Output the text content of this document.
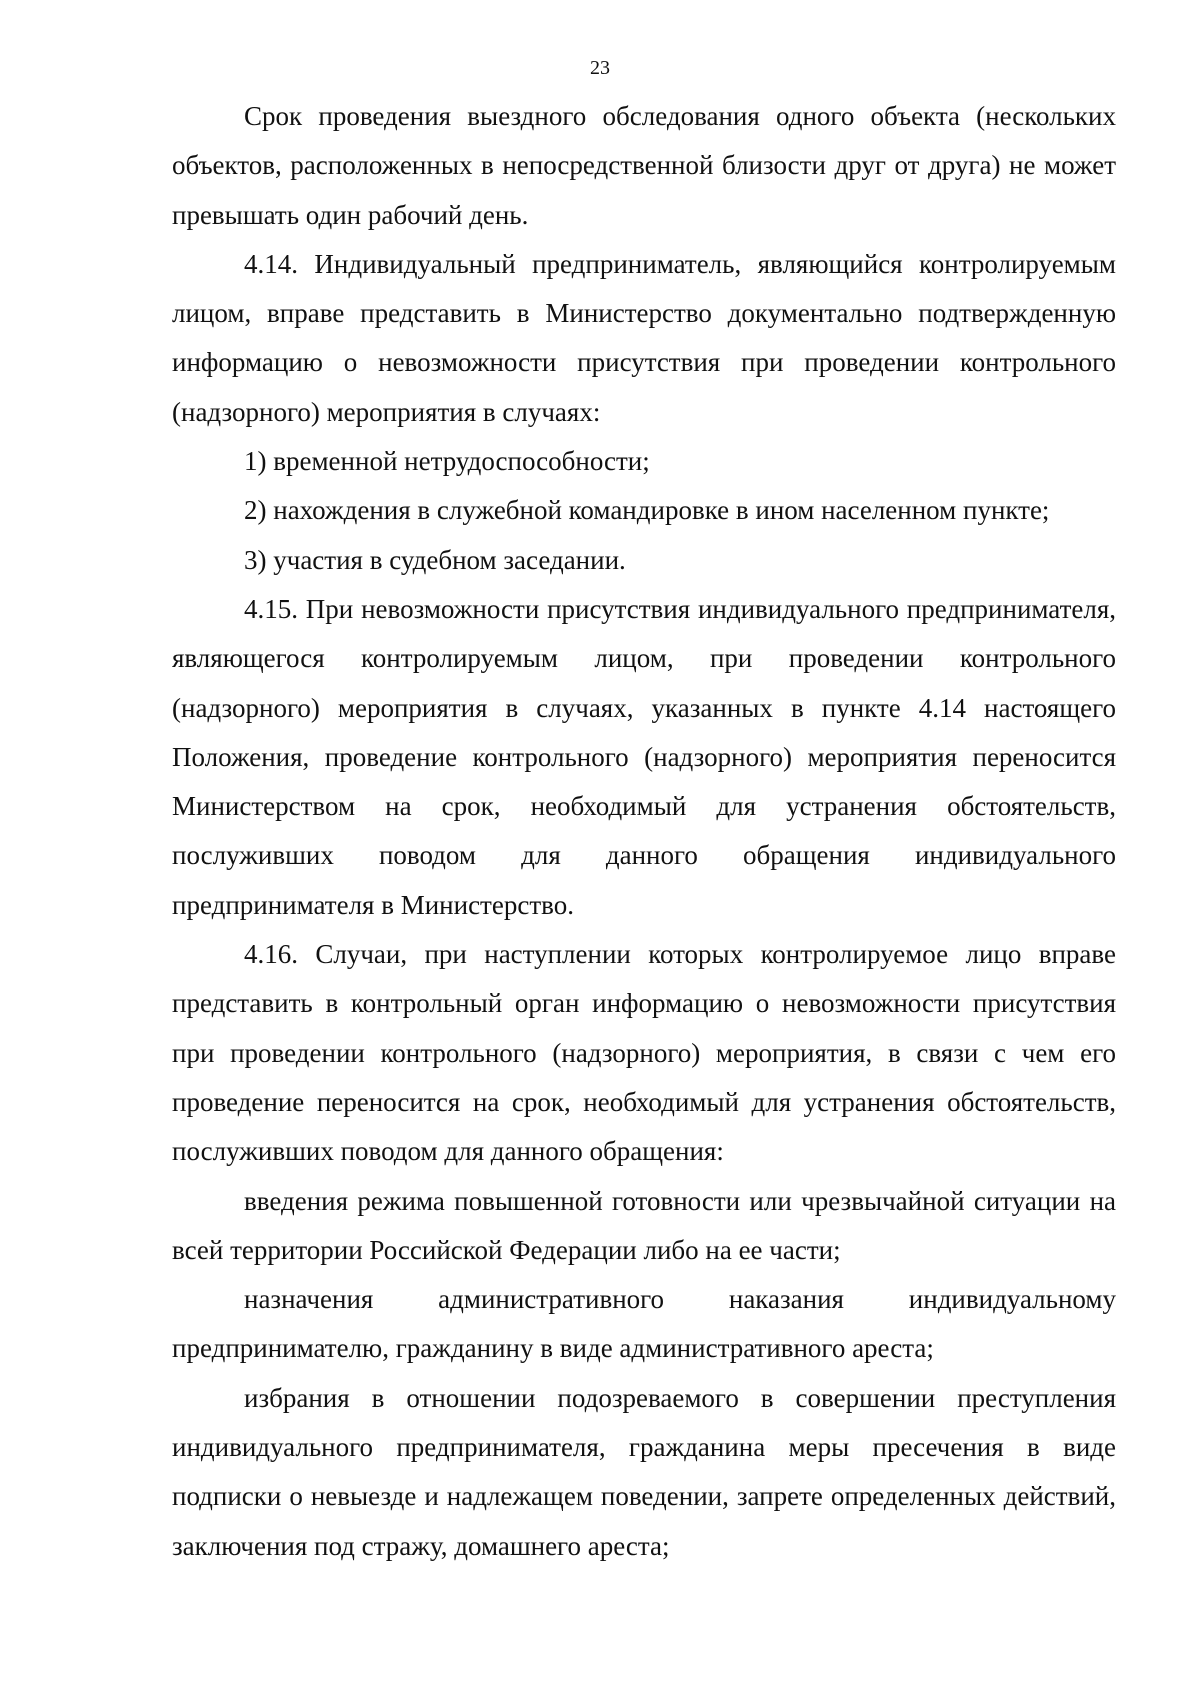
23

Срок проведения выездного обследования одного объекта (нескольких объектов, расположенных в непосредственной близости друг от друга) не может превышать один рабочий день.

4.14. Индивидуальный предприниматель, являющийся контролируемым лицом, вправе представить в Министерство документально подтвержденную информацию о невозможности присутствия при проведении контрольного (надзорного) мероприятия в случаях:

1) временной нетрудоспособности;

2) нахождения в служебной командировке в ином населенном пункте;

3) участия в судебном заседании.

4.15. При невозможности присутствия индивидуального предпринимателя, являющегося контролируемым лицом, при проведении контрольного (надзорного) мероприятия в случаях, указанных в пункте 4.14 настоящего Положения, проведение контрольного (надзорного) мероприятия переносится Министерством на срок, необходимый для устранения обстоятельств, послуживших поводом для данного обращения индивидуального предпринимателя в Министерство.

4.16. Случаи, при наступлении которых контролируемое лицо вправе представить в контрольный орган информацию о невозможности присутствия при проведении контрольного (надзорного) мероприятия, в связи с чем его проведение переносится на срок, необходимый для устранения обстоятельств, послуживших поводом для данного обращения:

введения режима повышенной готовности или чрезвычайной ситуации на всей территории Российской Федерации либо на ее части;

назначения административного наказания индивидуальному предпринимателю, гражданину в виде административного ареста;

избрания в отношении подозреваемого в совершении преступления индивидуального предпринимателя, гражданина меры пресечения в виде подписки о невыезде и надлежащем поведении, запрете определенных действий, заключения под стражу, домашнего ареста;
